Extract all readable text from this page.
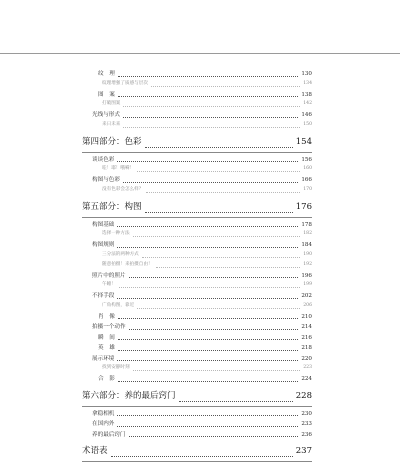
纹　理	130
纹理增强了质感与层次	134
图　案	138
打破图案	142
光线与形式	146
来日未来	150
第四部分：色彩	154
谈谈色彩	156
哇！耶！哦嗬！	160
构图与色彩	166
没有色彩会怎么样？	170
第五部分：构图	176
构图基础	178
选择一种方法	182
构图规则	184
三分法的两种方式	190
随意拍摄！来拍摄自由！	192
照片中的照片	196
午睡！	199
不择手段	202
广角构图，靠近	206
肖　像	210
拍摄一个动作	214
瞬　间	216
英　雄	218
展示环境	220
找到安静时刻	223
合　影	224
第六部分：养的最后窍门	228
拿稳相机	230
在国内外	233
养的最后窍门	236
术语表	237
